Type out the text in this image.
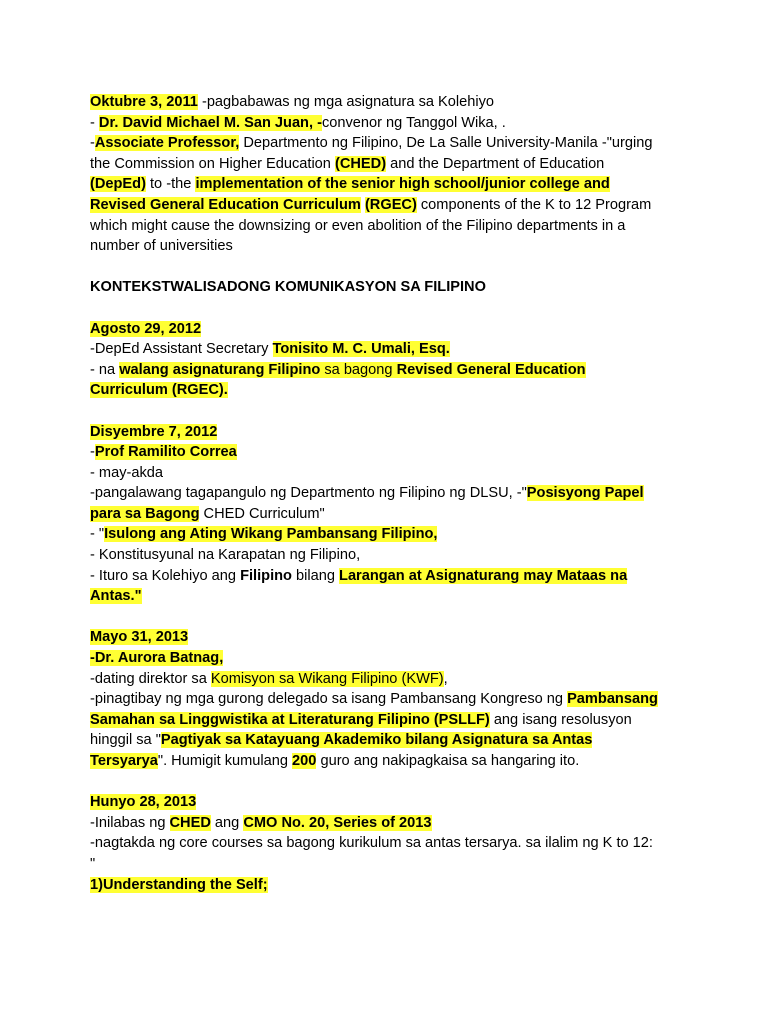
Oktubre 3, 2011 -pagbabawas ng mga asignatura sa Kolehiyo
- Dr. David Michael M. San Juan, -convenor ng Tanggol Wika, .
-Associate Professor, Departmento ng Filipino, De La Salle University-Manila -"urging
the Commission on Higher Education (CHED) and the Department of Education
(DepEd) to -the implementation of the senior high school/junior college and
Revised General Education Curriculum (RGEC) components of the K to 12 Program
which might cause the downsizing or even abolition of the Filipino departments in a
number of universities
KONTEKSTWALISADONG KOMUNIKASYON SA FILIPINO
Agosto 29, 2012
-DepEd Assistant Secretary Tonisito M. C. Umali, Esq.
- na walang asignaturang Filipino sa bagong Revised General Education
Curriculum (RGEC).
Disyembre 7, 2012
-Prof Ramilito Correa
- may-akda
-pangalawang tagapangulo ng Departmento ng Filipino ng DLSU, -"Posisyong Papel
para sa Bagong CHED Curriculum"
- "Isulong ang Ating Wikang Pambansang Filipino,
- Konstitusyunal na Karapatan ng Filipino,
- Ituro sa Kolehiyo ang Filipino bilang Larangan at Asignaturang may Mataas na
Antas."
Mayo 31, 2013
-Dr. Aurora Batnag,
-dating direktor sa Komisyon sa Wikang Filipino (KWF),
-pinagtibay ng mga gurong delegado sa isang Pambansang Kongreso ng Pambansang
Samahan sa Linggwistika at Literaturang Filipino (PSLLF) ang isang resolusyon
hinggil sa "Pagtiyak sa Katayuang Akademiko bilang Asignatura sa Antas
Tersyarya". Humigit kumulang 200 guro ang nakipagkaisa sa hangaring ito.
Hunyo 28, 2013
-Inilabas ng CHED ang CMO No. 20, Series of 2013
-nagtakda ng core courses sa bagong kurikulum sa antas tersarya. sa ilalim ng K to 12:
"
1)Understanding the Self;
